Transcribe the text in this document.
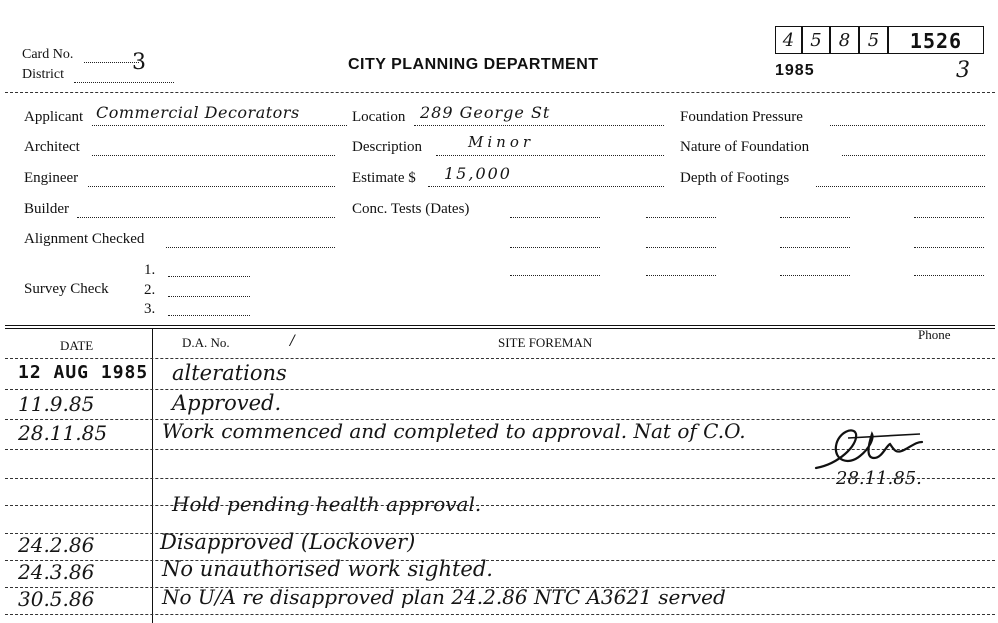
Card No.	3
District
CITY PLANNING DEPARTMENT	1985
4 5 8 5	1526
3
Applicant Commercial Decorators
Architect
Engineer
Builder
Alignment Checked
Survey Check
1.
2.
3.
Location 289 George St
Description	Minor
Estimate $ 15,000
Conc. Tests (Dates)
Foundation Pressure
Nature of Foundation
Depth of Footings
DATE	D.A. No.	/	SITE FOREMAN
Phone
12 AUG 1985 alterations
11.9.85	Approved.
28.11.85	Work commenced and completed to approval. Nat of C.O.
28.11.85.
Hold pending health approval.
24.2.86	Disapproved (Lockover)
24.3.86	No unauthorised work sighted.
30.5.86	No U/A re disapproved plan 24.2.86 NTC A3621 served
